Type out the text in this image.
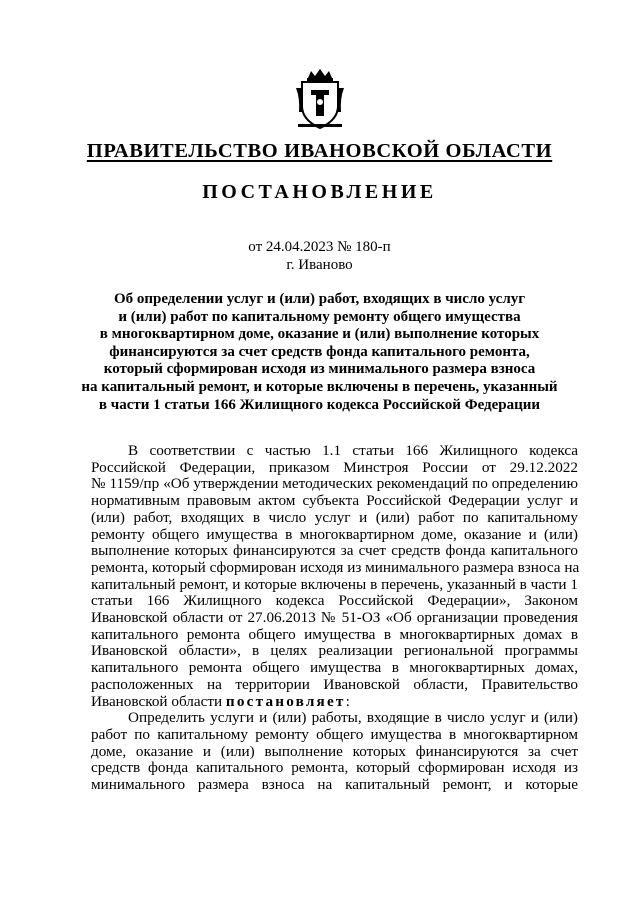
ПРАВИТЕЛЬСТВО ИВАНОВСКОЙ ОБЛАСТИ
ПОСТАНОВЛЕНИЕ
от 24.04.2023 № 180-п
г. Иваново
Об определении услуг и (или) работ, входящих в число услуг
и (или) работ по капитальному ремонту общего имущества
в многоквартирном доме, оказание и (или) выполнение которых
финансируются за счет средств фонда капитального ремонта,
который сформирован исходя из минимального размера взноса
на капитальный ремонт, и которые включены в перечень, указанный
в части 1 статьи 166 Жилищного кодекса Российской Федерации
В соответствии с частью 1.1 статьи 166 Жилищного кодекса
Российской Федерации, приказом Минстроя России от 29.12.2022
№ 1159/пр «Об утверждении методических рекомендаций по определению
нормативным правовым актом субъекта Российской Федерации услуг и
(или) работ, входящих в число услуг и (или) работ по капитальному
ремонту общего имущества в многоквартирном доме, оказание и (или)
выполнение которых финансируются за счет средств фонда капитального
ремонта, который сформирован исходя из минимального размера взноса на
капитальный ремонт, и которые включены в перечень, указанный в части 1
статьи 166 Жилищного кодекса Российской Федерации», Законом
Ивановской области от 27.06.2013 № 51-ОЗ «Об организации проведения
капитального ремонта общего имущества в многоквартирных домах в
Ивановской области», в целях реализации региональной программы
капитального ремонта общего имущества в многоквартирных домах,
расположенных на территории Ивановской области, Правительство
Ивановской области постановляет:
Определить услуги и (или) работы, входящие в число услуг и (или)
работ по капитальному ремонту общего имущества в многоквартирном
доме, оказание и (или) выполнение которых финансируются за счет
средств фонда капитального ремонта, который сформирован исходя из
минимального размера взноса на капитальный ремонт, и которые
